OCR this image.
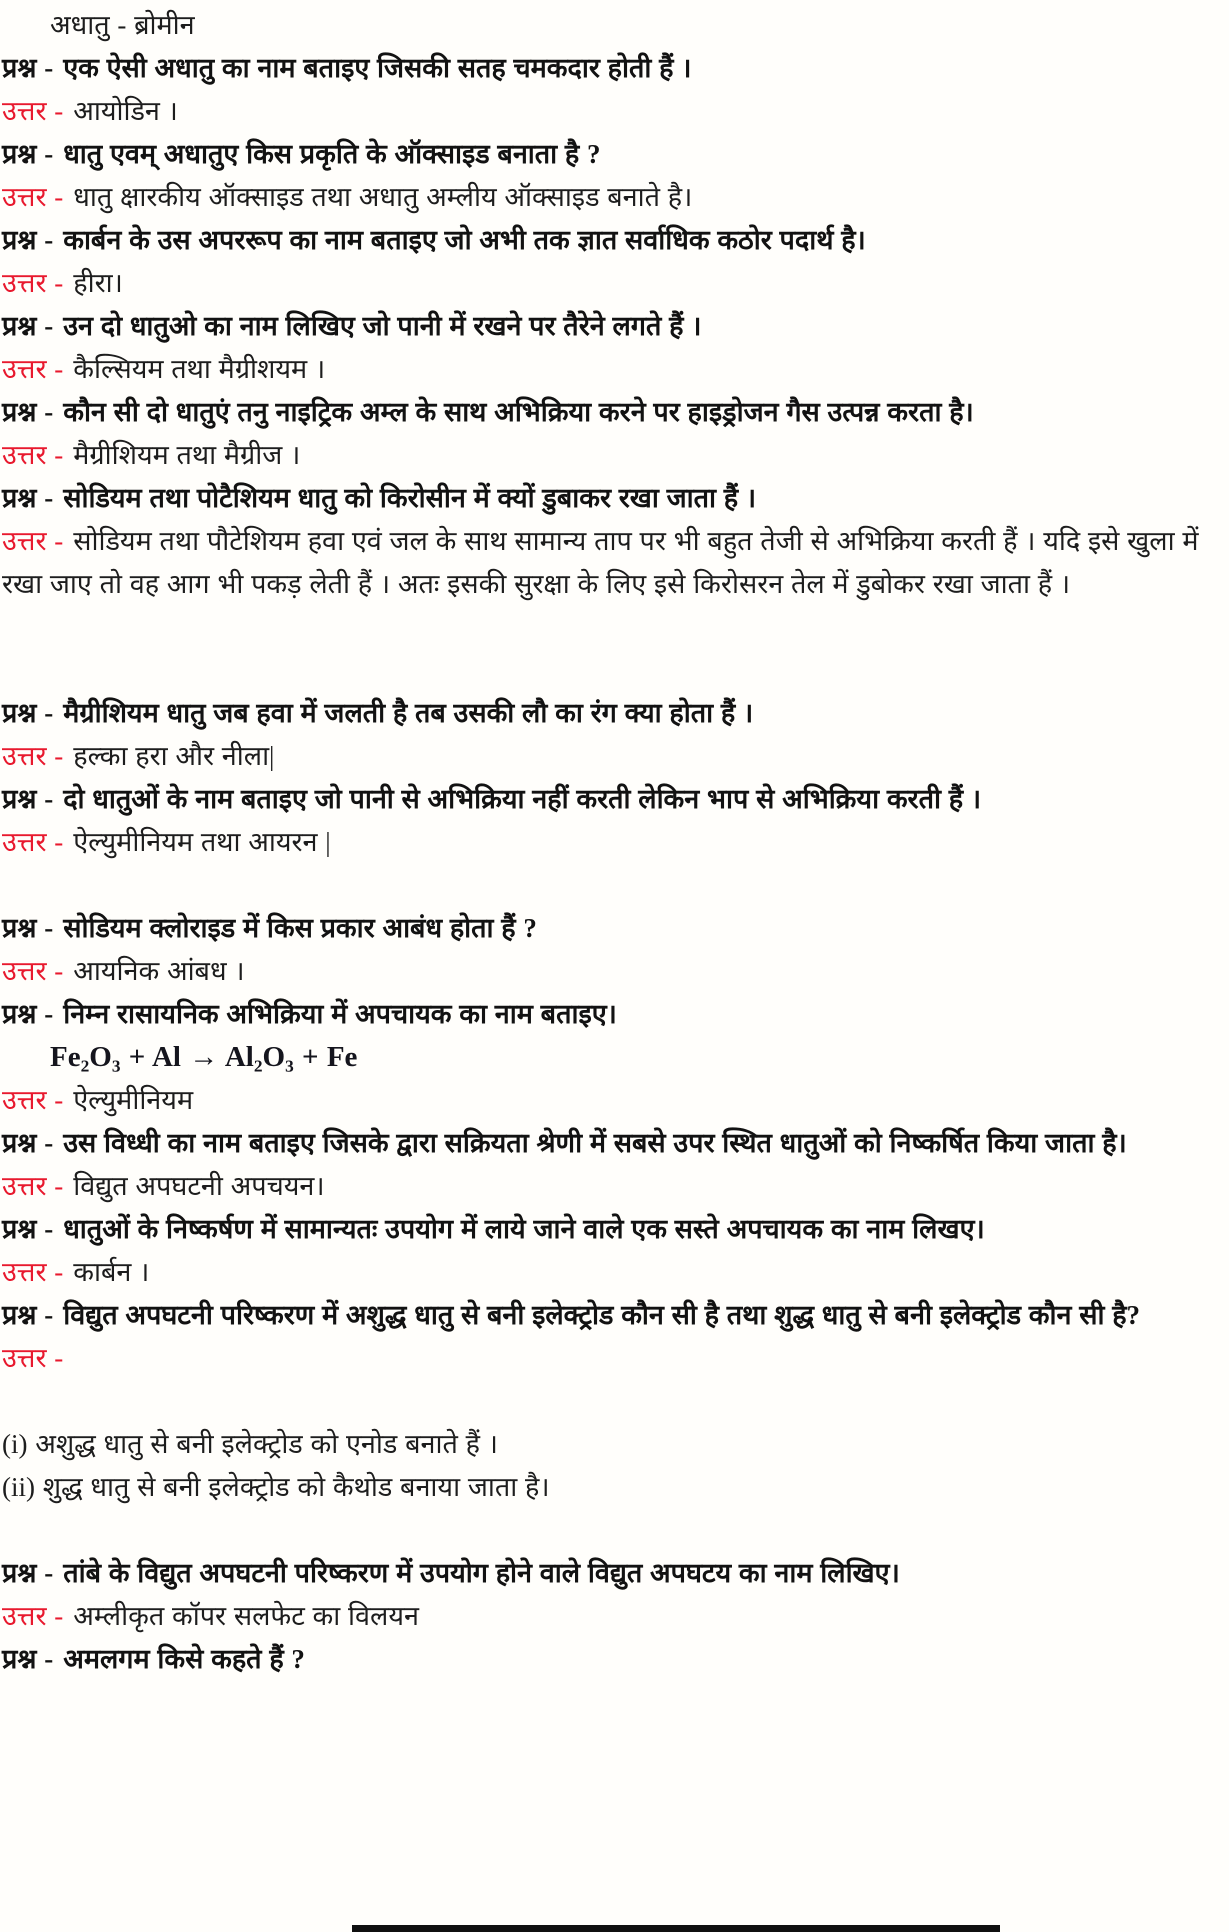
अधातु - ब्रोमीन

प्रश्न - एक ऐसी अधातु का नाम बताइए जिसकी सतह चमकदार होती हैं ।

उत्तर - आयोडिन ।

प्रश्न - धातु एवम् अधातुए किस प्रकृति के ऑक्साइड बनाता है ?

उत्तर - धातु क्षारकीय ऑक्साइड तथा अधातु अम्लीय ऑक्साइड बनाते है।

प्रश्न - कार्बन के उस अपररूप का नाम बताइए जो अभी तक ज्ञात सर्वाधिक कठोर पदार्थ है।

उत्तर - हीरा।

प्रश्न - उन दो धातुओ का नाम लिखिए जो पानी में रखने पर तैरेने लगते हैं ।

उत्तर - कैल्सियम तथा मैग्रीशयम ।

प्रश्न - कौन सी दो धातुएं तनु नाइट्रिक अम्ल के साथ अभिक्रिया करने पर हाइड्रोजन गैस उत्पन्न करता है।

उत्तर - मैग्रीशियम तथा मैग्रीज ।

प्रश्न - सोडियम तथा पोटैशियम धातु को किरोसीन में क्यों डुबाकर रखा जाता हैं ।

उत्तर - सोडियम तथा पौटेशियम हवा एवं जल के साथ सामान्य ताप पर भी बहुत तेजी से अभिक्रिया करती हैं । यदि इसे खुला में रखा जाए तो वह आग भी पकड़ लेती हैं । अतः इसकी सुरक्षा के लिए इसे किरोसरन तेल में डुबोकर रखा जाता हैं ।

प्रश्न - मैग्रीशियम धातु जब हवा में जलती है तब उसकी लौ का रंग क्या होता हैं ।

उत्तर - हल्का हरा और नीला|

प्रश्न - दो धातुओं के नाम बताइए जो पानी से अभिक्रिया नहीं करती लेकिन भाप से अभिक्रिया करती हैं ।

उत्तर - ऐल्युमीनियम तथा आयरन |

प्रश्न - सोडियम क्लोराइड में किस प्रकार आबंध होता हैं ?

उत्तर - आयनिक आंबध ।

प्रश्न - निम्न रासायनिक अभिक्रिया में अपचायक का नाम बताइए।

Fe₂O₃ + Al → Al₂O₃ + Fe

उत्तर - ऐल्युमीनियम

प्रश्न - उस विध्धी का नाम बताइए जिसके द्वारा सक्रियता श्रेणी में सबसे उपर स्थित धातुओं को निष्कर्षित किया जाता है।

उत्तर - विद्युत अपघटनी अपचयन।

प्रश्न - धातुओं के निष्कर्षण में सामान्यतः उपयोग में लाये जाने वाले एक सस्ते अपचायक का नाम लिखए।

उत्तर - कार्बन ।

प्रश्न - विद्युत अपघटनी परिष्करण में अशुद्ध धातु से बनी इलेक्ट्रोड कौन सी है तथा शुद्ध धातु से बनी इलेक्ट्रोड कौन सी है?

उत्तर -

(i) अशुद्ध धातु से बनी इलेक्ट्रोड को एनोड बनाते हैं ।

(ii) शुद्ध धातु से बनी इलेक्ट्रोड को कैथोड बनाया जाता है।

प्रश्न - तांबे के विद्युत अपघटनी परिष्करण में उपयोग होने वाले विद्युत अपघटय का नाम लिखिए।

उत्तर - अम्लीकृत कॉपर सलफेट का विलयन

प्रश्न - अमलगम किसे कहते हैं ?
